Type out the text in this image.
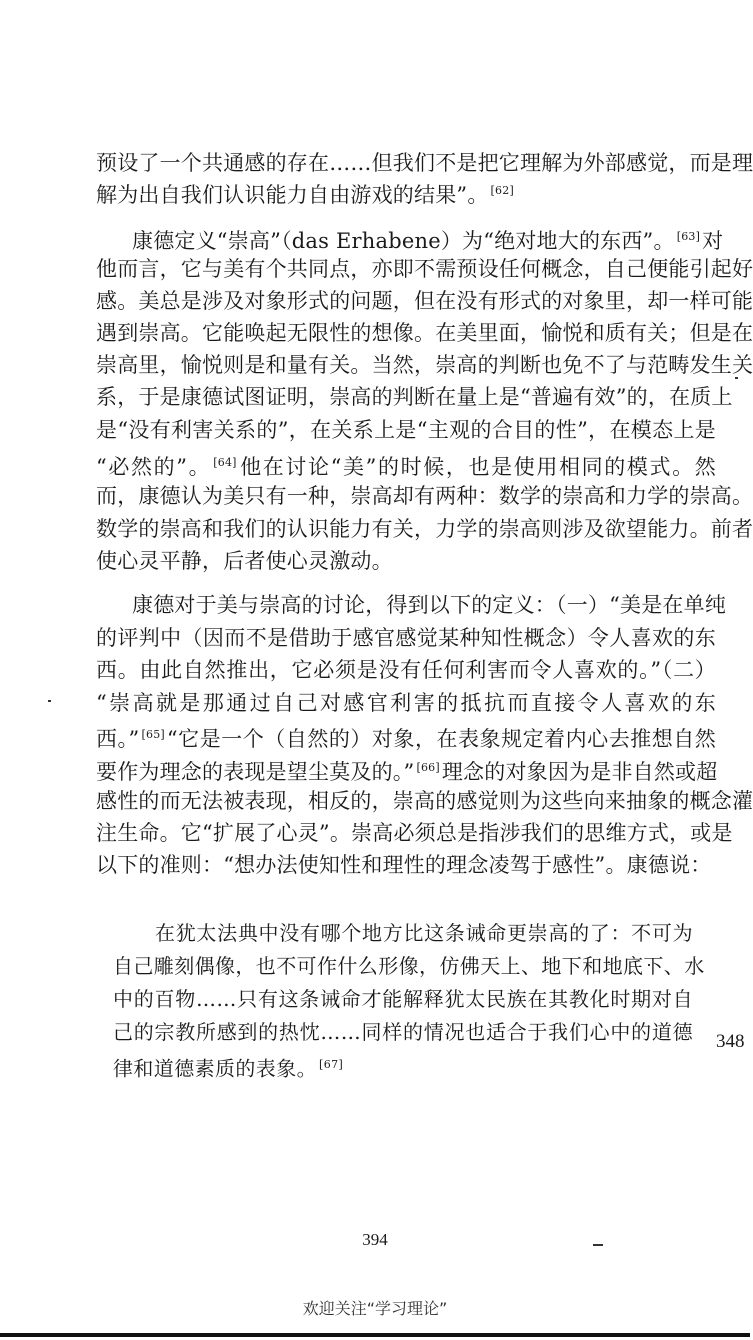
预设了一个共通感的存在……但我们不是把它理解为外部感觉，而是理
解为出自我们认识能力自由游戏的结果”。 [62]
康德定义“崇高”（das Erhabene）为“绝对地大的东西”。 [63]对
他而言，它与美有个共同点，亦即不需预设任何概念，自己便能引起好
感。美总是涉及对象形式的问题，但在没有形式的对象里，却一样可能
遇到崇高。它能唤起无限性的想像。在美里面，愉悦和质有关；但是在
崇高里，愉悦则是和量有关。当然，崇高的判断也免不了与范畴发生关
系，于是康德试图证明，崇高的判断在量上是“普遍有效”的，在质上
是“没有利害关系的”，在关系上是“主观的合目的性”，在模态上是
“必然的”。 [64]他在讨论“美”的时候，也是使用相同的模式。然
而，康德认为美只有一种，崇高却有两种：数学的崇高和力学的崇高。
数学的崇高和我们的认识能力有关，力学的崇高则涉及欲望能力。前者
使心灵平静，后者使心灵激动。
康德对于美与崇高的讨论，得到以下的定义：（一）“美是在单纯
的评判中（因而不是借助于感官感觉某种知性概念）令人喜欢的东
西。由此自然推出，它必须是没有任何利害而令人喜欢的。”（二）
“崇高就是那通过自己对感官利害的抵抗而直接令人喜欢的东
西。” [65]“它是一个（自然的）对象，在表象规定着内心去推想自然
要作为理念的表现是望尘莫及的。” [66]理念的对象因为是非自然或超
感性的而无法被表现，相反的，崇高的感觉则为这些向来抽象的概念灌
注生命。它“扩展了心灵”。崇高必须总是指涉我们的思维方式，或是
以下的准则：“想办法使知性和理性的理念凌驾于感性”。康德说：
在犹太法典中没有哪个地方比这条诫命更崇高的了：不可为
自己雕刻偶像，也不可作什么形像，仿佛天上、地下和地底下、水
中的百物……只有这条诫命才能解释犹太民族在其教化时期对自
己的宗教所感到的热忱……同样的情况也适合于我们心中的道德
律和道德素质的表象。 [67]
348
394
欢迎关注“学习理论”
